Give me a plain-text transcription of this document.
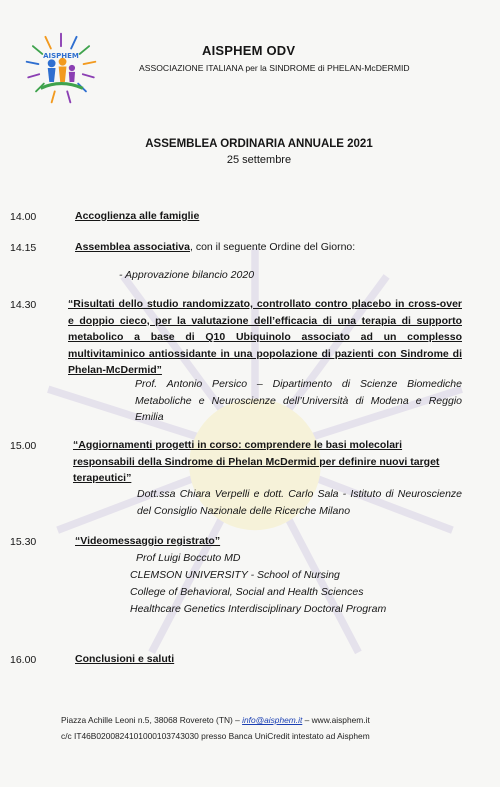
AISPHEM	AISPHEM ODV
ASSOCIAZIONE ITALIANA per la SINDROME di PHELAN-McDERMID
ASSEMBLEA ORDINARIA ANNUALE 2021
25 settembre
14.00	Accoglienza alle famiglie
14.15	Assemblea associativa, con il seguente Ordine del Giorno:
- Approvazione bilancio 2020
14.30	“Risultati dello studio randomizzato, controllato contro placebo in cross-over e doppio cieco, per la valutazione dell’efficacia di una terapia di supporto metabolico a base di Q10 Ubiquinolo associato ad un complesso multivitaminico antiossidante in una popolazione di pazienti con Sindrome di Phelan-McDermid”
Prof. Antonio Persico – Dipartimento di Scienze Biomediche Metaboliche e Neuroscienze dell’Università di Modena e Reggio Emilia
15.00	“Aggiornamenti progetti in corso: comprendere le basi molecolari responsabili della Sindrome di Phelan McDermid per definire nuovi target terapeutici”
Dott.ssa Chiara Verpelli e dott. Carlo Sala - Istituto di Neuroscienze del Consiglio Nazionale delle Ricerche Milano
15.30	“Videomessaggio registrato”
Prof Luigi Boccuto MD
CLEMSON UNIVERSITY - School of Nursing
College of Behavioral, Social and Health Sciences
Healthcare Genetics Interdisciplinary Doctoral Program
16.00	Conclusioni e saluti
Piazza Achille Leoni n.5, 38068 Rovereto (TN) – info@aisphem.it – www.aisphem.it
c/c IT46B0200824101000103743030 presso Banca UniCredit intestato ad Aisphem
